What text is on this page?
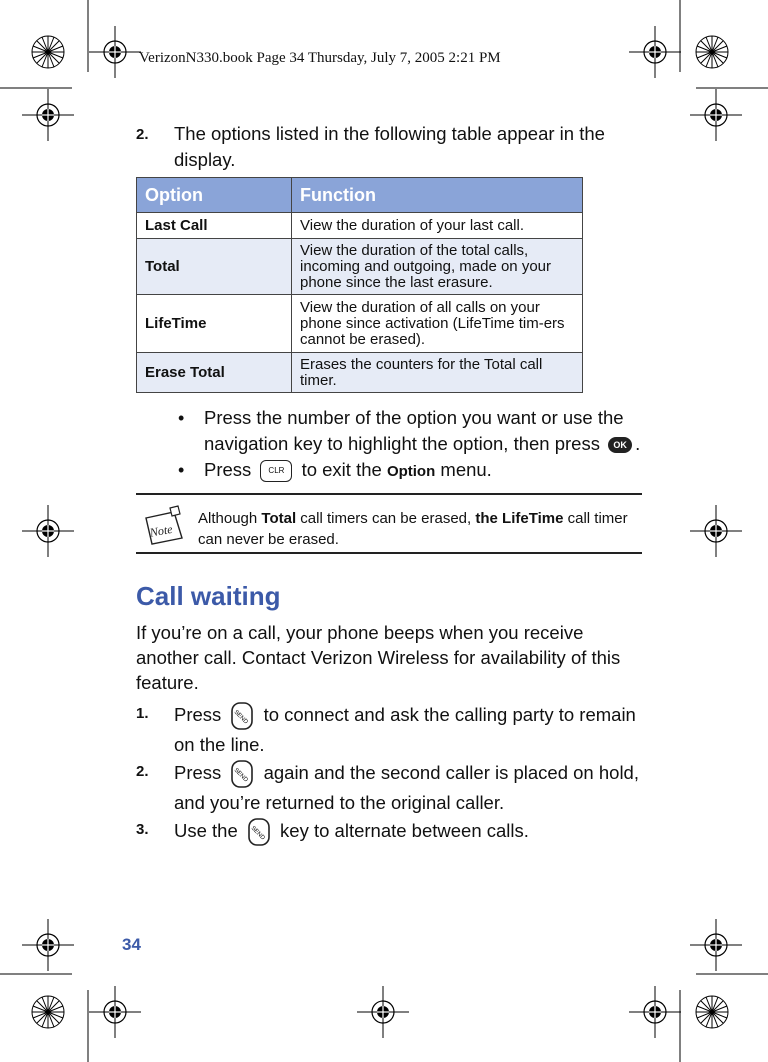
VerizonN330.book Page 34 Thursday, July 7, 2005 2:21 PM
2. The options listed in the following table appear in the display.
Option	Function
Last Call	View the duration of your last call.
Total	View the duration of the total calls, incoming and outgoing, made on your phone since the last erasure.
LifeTime	View the duration of all calls on your phone since activation (LifeTime tim-ers cannot be erased).
Erase Total	Erases the counters for the Total call timer.
• Press the number of the option you want or use the navigation key to highlight the option, then press OK .
• Press CLR to exit the Option menu.
Note
Although Total call timers can be erased, the LifeTime call timer can never be erased.
Call waiting
If you’re on a call, your phone beeps when you receive another call. Contact Verizon Wireless for availability of this feature.
1. Press SEND to connect and ask the calling party to remain on the line.
2. Press SEND again and the second caller is placed on hold, and you’re returned to the original caller.
3. Use the SEND key to alternate between calls.
34
